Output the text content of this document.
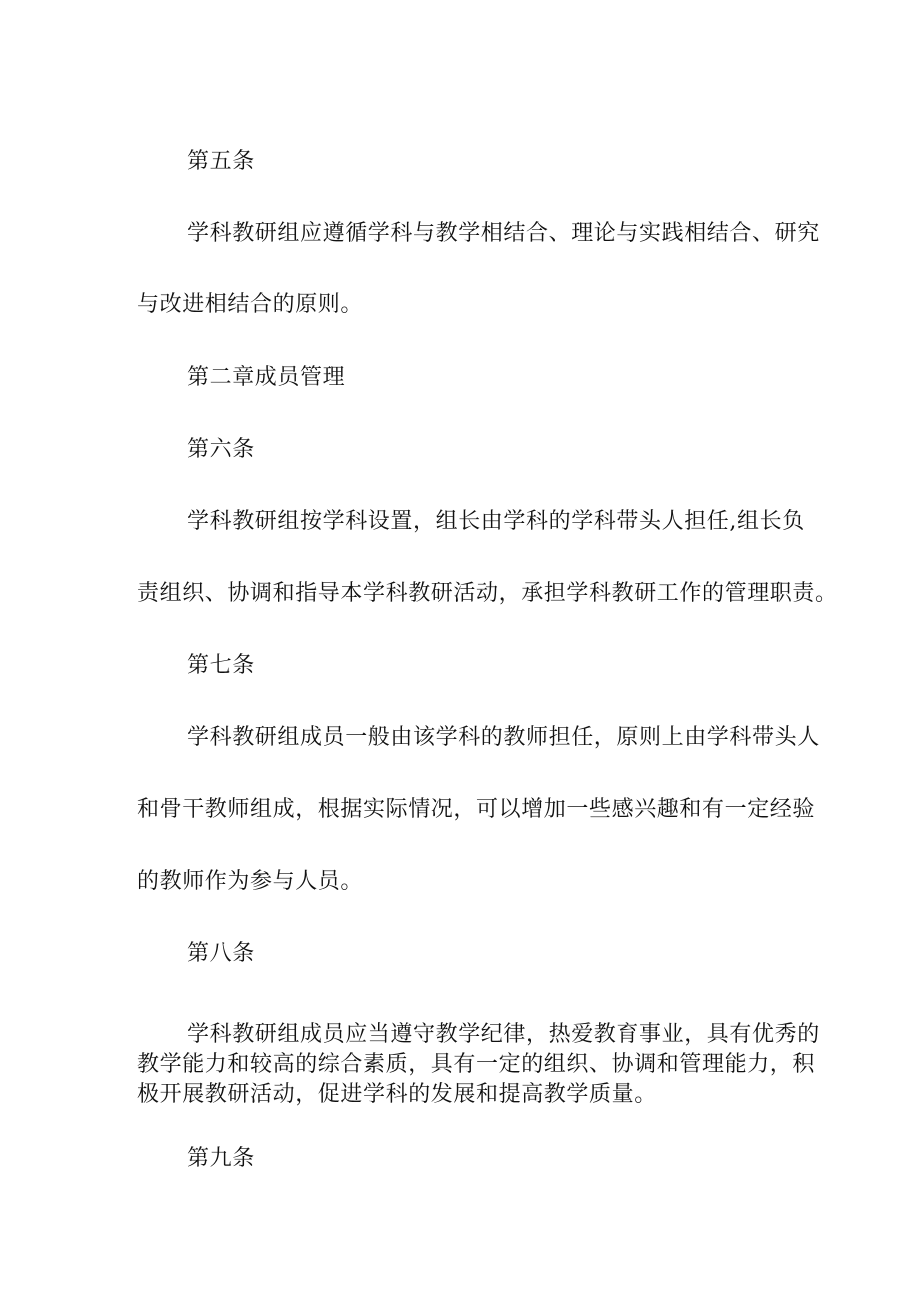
第五条

学科教研组应遵循学科与教学相结合、理论与实践相结合、研究

与改进相结合的原则。

第二章成员管理

第六条

学科教研组按学科设置，组长由学科的学科带头人担任,组长负

责组织、协调和指导本学科教研活动，承担学科教研工作的管理职责。

第七条

学科教研组成员一般由该学科的教师担任，原则上由学科带头人

和骨干教师组成，根据实际情况，可以增加一些感兴趣和有一定经验

的教师作为参与人员。

第八条

学科教研组成员应当遵守教学纪律，热爱教育事业，具有优秀的

教学能力和较高的综合素质，具有一定的组织、协调和管理能力，积

极开展教研活动，促进学科的发展和提高教学质量。

第九条
